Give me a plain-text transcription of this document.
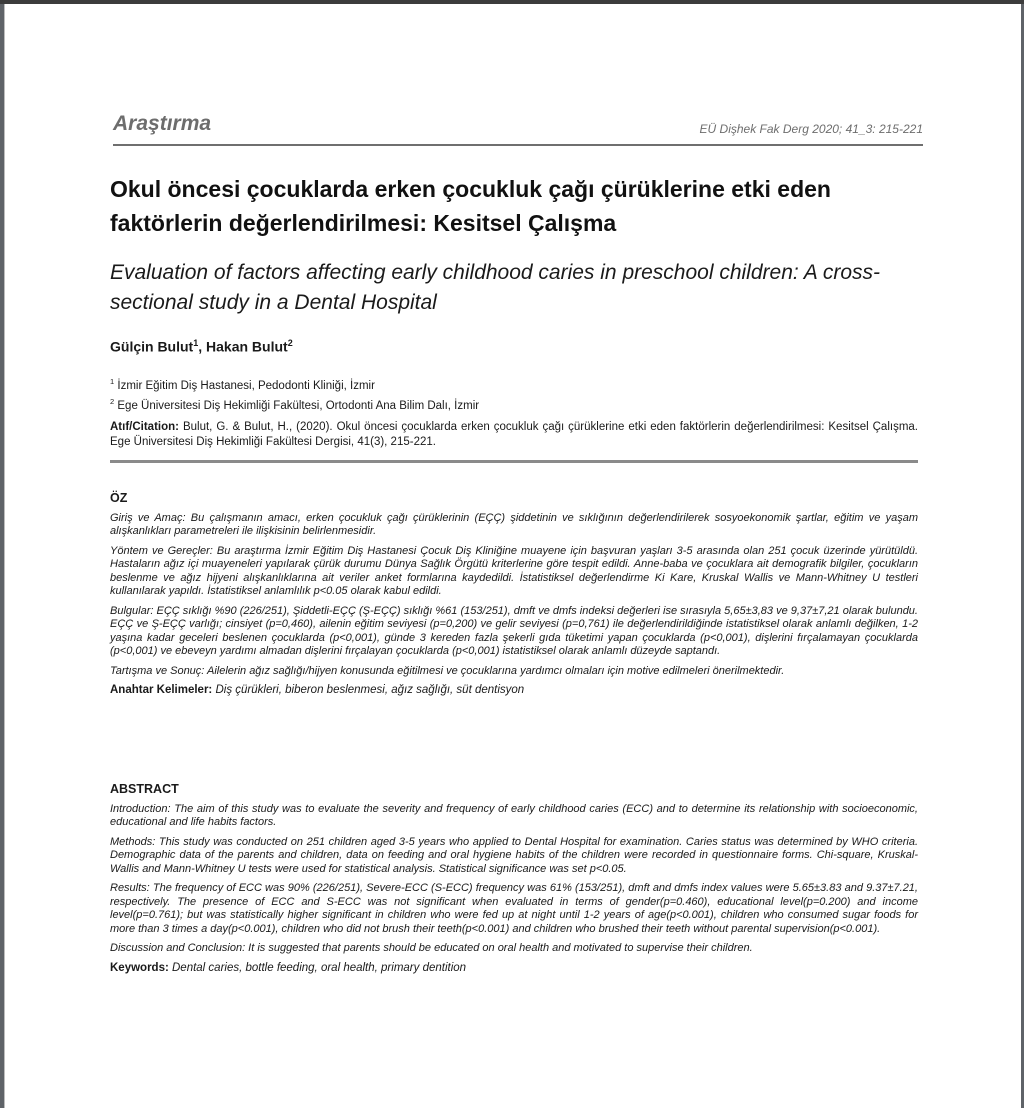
Araştırma	EÜ Dişhek Fak Derg 2020; 41_3: 215-221
Okul öncesi çocuklarda erken çocukluk çağı çürüklerine etki eden faktörlerin değerlendirilmesi: Kesitsel Çalışma
Evaluation of factors affecting early childhood caries in preschool children: A cross-sectional study in a Dental Hospital
Gülçin Bulut$^1$, Hakan Bulut$^2$
$^1$ İzmir Eğitim Diş Hastanesi, Pedodonti Kliniği, İzmir
$^2$ Ege Üniversitesi Diş Hekimliği Fakültesi, Ortodonti Ana Bilim Dalı, İzmir
Atıf/Citation: Bulut, G. & Bulut, H., (2020). Okul öncesi çocuklarda erken çocukluk çağı çürüklerine etki eden faktörlerin değerlendirilmesi: Kesitsel Çalışma. Ege Üniversitesi Diş Hekimliği Fakültesi Dergisi, 41(3), 215-221.
ÖZ

Giriş ve Amaç: Bu çalışmanın amacı, erken çocukluk çağı çürüklerinin (EÇÇ) şiddetinin ve sıklığının değerlendirilerek sosyoekonomik şartlar, eğitim ve yaşam alışkanlıkları parametreleri ile ilişkisinin belirlenmesidir.

Yöntem ve Gereçler: Bu araştırma İzmir Eğitim Diş Hastanesi Çocuk Diş Kliniğine muayene için başvuran yaşları 3-5 arasında olan 251 çocuk üzerinde yürütüldü. Hastaların ağız içi muayeneleri yapılarak çürük durumu Dünya Sağlık Örgütü kriterlerine göre tespit edildi. Anne-baba ve çocuklara ait demografik bilgiler, çocukların beslenme ve ağız hijyeni alışkanlıklarına ait veriler anket formlarına kaydedildi. İstatistiksel değerlendirme Ki Kare, Kruskal Wallis ve Mann-Whitney U testleri kullanılarak yapıldı. İstatistiksel anlamlılık p<0.05 olarak kabul edildi.

Bulgular: EÇÇ sıklığı %90 (226/251), Şiddetli-EÇÇ (Ş-EÇÇ) sıklığı %61 (153/251), dmft ve dmfs indeksi değerleri ise sırasıyla 5,65±3,83 ve 9,37±7,21 olarak bulundu. EÇÇ ve Ş-EÇÇ varlığı; cinsiyet (p=0,460), ailenin eğitim seviyesi (p=0,200) ve gelir seviyesi (p=0,761) ile değerlendirildiğinde istatistiksel olarak anlamlı değilken, 1-2 yaşına kadar geceleri beslenen çocuklarda (p<0,001), günde 3 kereden fazla şekerli gıda tüketimi yapan çocuklarda (p<0,001), dişlerini fırçalamayan çocuklarda (p<0,001) ve ebeveyn yardımı almadan dişlerini fırçalayan çocuklarda (p<0,001) istatistiksel olarak anlamlı düzeyde saptandı.

Tartışma ve Sonuç: Ailelerin ağız sağlığı/hijyen konusunda eğitilmesi ve çocuklarına yardımcı olmaları için motive edilmeleri önerilmektedir.

Anahtar Kelimeler: Diş çürükleri, biberon beslenmesi, ağız sağlığı, süt dentisyon
ABSTRACT

Introduction: The aim of this study was to evaluate the severity and frequency of early childhood caries (ECC) and to determine its relationship with socioeconomic, educational and life habits factors.

Methods: This study was conducted on 251 children aged 3-5 years who applied to Dental Hospital for examination. Caries status was determined by WHO criteria. Demographic data of the parents and children, data on feeding and oral hygiene habits of the children were recorded in questionnaire forms. Chi-square, Kruskal-Wallis and Mann-Whitney U tests were used for statistical analysis. Statistical significance was set p<0.05.

Results: The frequency of ECC was 90% (226/251), Severe-ECC (S-ECC) frequency was 61% (153/251), dmft and dmfs index values were 5.65±3.83 and 9.37±7.21, respectively. The presence of ECC and S-ECC was not significant when evaluated in terms of gender(p=0.460), educational level(p=0.200) and income level(p=0.761); but was statistically higher significant in children who were fed up at night until 1-2 years of age(p<0.001), children who consumed sugar foods for more than 3 times a day(p<0.001), children who did not brush their teeth(p<0.001) and children who brushed their teeth without parental supervision(p<0.001).

Discussion and Conclusion: It is suggested that parents should be educated on oral health and motivated to supervise their children.

Keywords: Dental caries, bottle feeding, oral health, primary dentition
